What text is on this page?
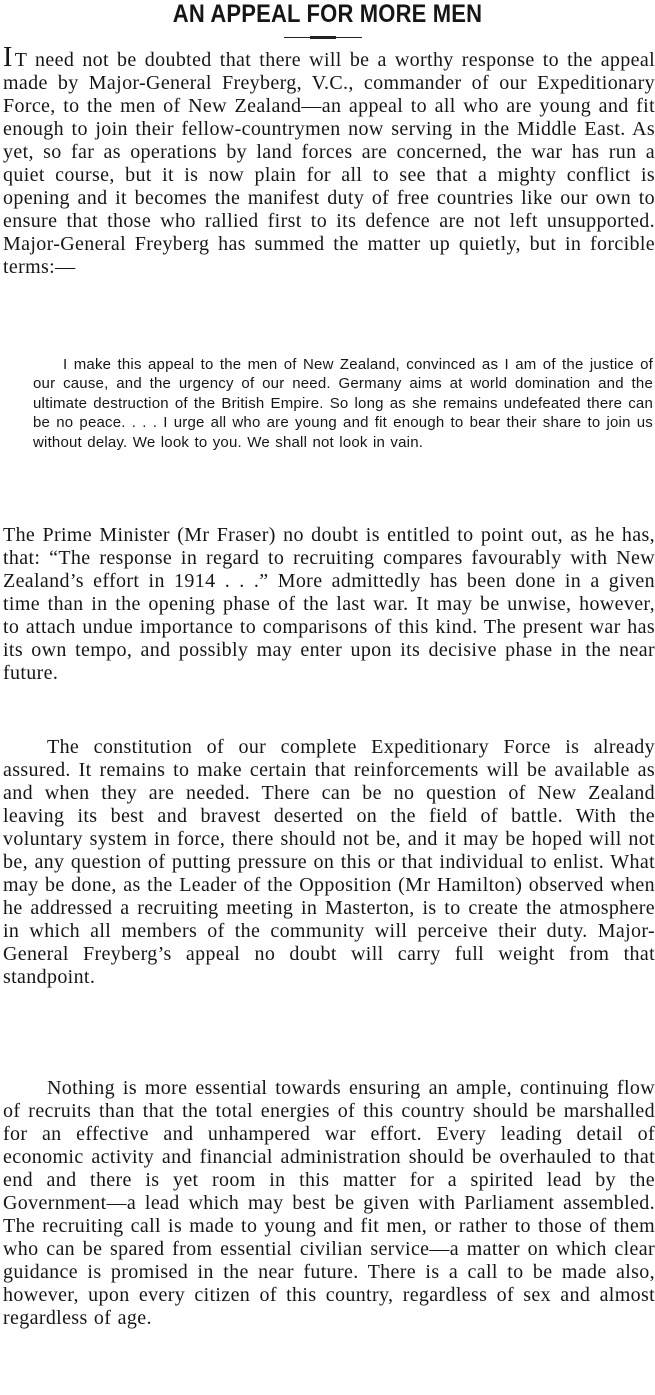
AN APPEAL FOR MORE MEN

I T need not be doubted that there will be a worthy response to the appeal made by Major-General Freyberg, V.C., commander of our Expeditionary Force, to the men of New Zealand—an appeal to all who are young and fit enough to join their fellow-countrymen now serving in the Middle East. As yet, so far as operations by land forces are concerned, the war has run a quiet course, but it is now plain for all to see that a mighty conflict is opening and it becomes the manifest duty of free countries like our own to ensure that those who rallied first to its defence are not left unsupported. Major-General Freyberg has summed the matter up quietly, but in forcible terms:—

I make this appeal to the men of New Zealand, convinced as I am of the justice of our cause, and the urgency of our need. Germany aims at world domination and the ultimate destruction of the British Empire. So long as she remains undefeated there can be no peace. . . . I urge all who are young and fit enough to bear their share to join us without delay. We look to you. We shall not look in vain.

The Prime Minister (Mr Fraser) no doubt is entitled to point out, as he has, that: “The response in regard to recruiting compares favourably with New Zealand’s effort in 1914 . . .” More admittedly has been done in a given time than in the opening phase of the last war. It may be unwise, however, to attach undue importance to comparisons of this kind. The present war has its own tempo, and possibly may enter upon its decisive phase in the near future.

The constitution of our complete Expeditionary Force is already assured. It remains to make certain that reinforcements will be available as and when they are needed. There can be no question of New Zealand leaving its best and bravest deserted on the field of battle. With the voluntary system in force, there should not be, and it may be hoped will not be, any question of putting pressure on this or that individual to enlist. What may be done, as the Leader of the Opposition (Mr Hamilton) observed when he addressed a recruiting meeting in Masterton, is to create the atmosphere in which all members of the community will perceive their duty. Major-General Freyberg’s appeal no doubt will carry full weight from that standpoint.

Nothing is more essential towards ensuring an ample, continuing flow of recruits than that the total energies of this country should be marshalled for an effective and unhampered war effort. Every leading detail of economic activity and financial administration should be overhauled to that end and there is yet room in this matter for a spirited lead by the Government—a lead which may best be given with Parliament assembled. The recruiting call is made to young and fit men, or rather to those of them who can be spared from essential civilian service—a matter on which clear guidance is promised in the near future. There is a call to be made also, however, upon every citizen of this country, regardless of sex and almost regardless of age.
